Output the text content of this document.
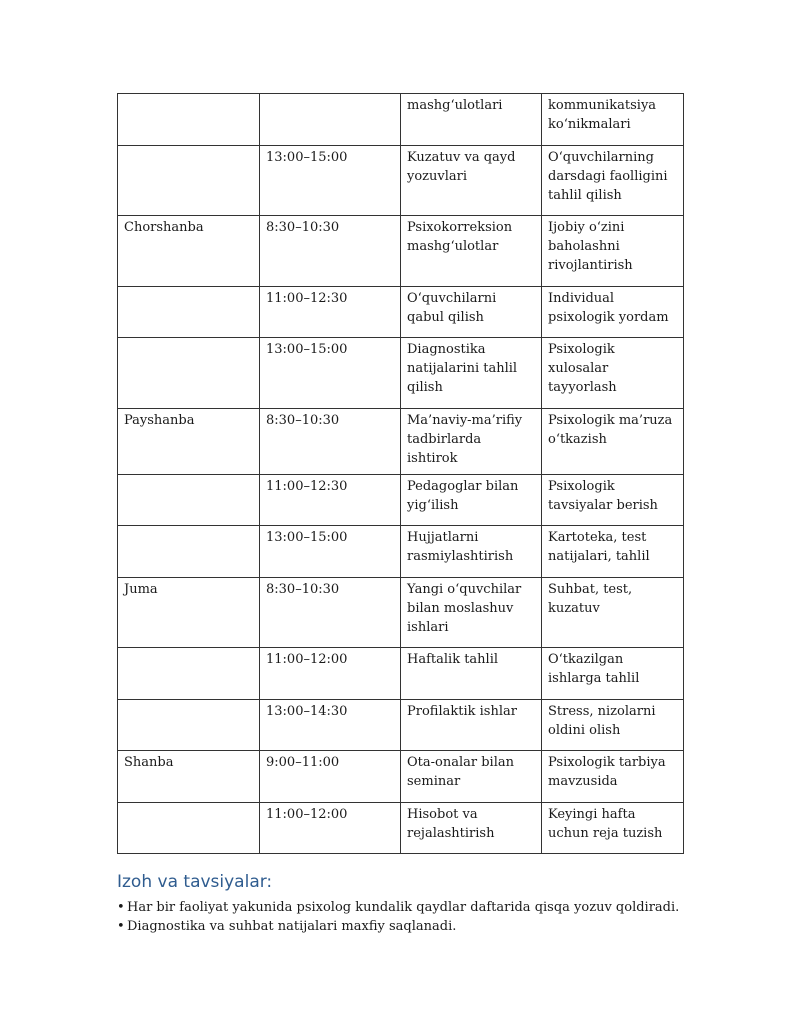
		mashg‘ulotlari	kommunikatsiya ko‘nikmalari
	13:00–15:00	Kuzatuv va qayd yozuvlari	O‘quvchilarning darsdagi faolligini tahlil qilish
Chorshanba	8:30–10:30	Psixokorreksion mashg‘ulotlar	Ijobiy o‘zini baholashni rivojlantirish
	11:00–12:30	O‘quvchilarni qabul qilish	Individual psixologik yordam
	13:00–15:00	Diagnostika natijalarini tahlil qilish	Psixologik xulosalar tayyorlash
Payshanba	8:30–10:30	Ma’naviy-ma’rifiy tadbirlarda ishtirok	Psixologik ma’ruza o‘tkazish
	11:00–12:30	Pedagoglar bilan yig‘ilish	Psixologik tavsiyalar berish
	13:00–15:00	Hujjatlarni rasmiylashtirish	Kartoteka, test natijalari, tahlil
Juma	8:30–10:30	Yangi o‘quvchilar bilan moslashuv ishlari	Suhbat, test, kuzatuv
	11:00–12:00	Haftalik tahlil	O‘tkazilgan ishlarga tahlil
	13:00–14:30	Profilaktik ishlar	Stress, nizolarni oldini olish
Shanba	9:00–11:00	Ota-onalar bilan seminar	Psixologik tarbiya mavzusida
	11:00–12:00	Hisobot va rejalashtirish	Keyingi hafta uchun reja tuzish
Izoh va tavsiyalar:
• Har bir faoliyat yakunida psixolog kundalik qaydlar daftarida qisqa yozuv qoldiradi.
• Diagnostika va suhbat natijalari maxfiy saqlanadi.
